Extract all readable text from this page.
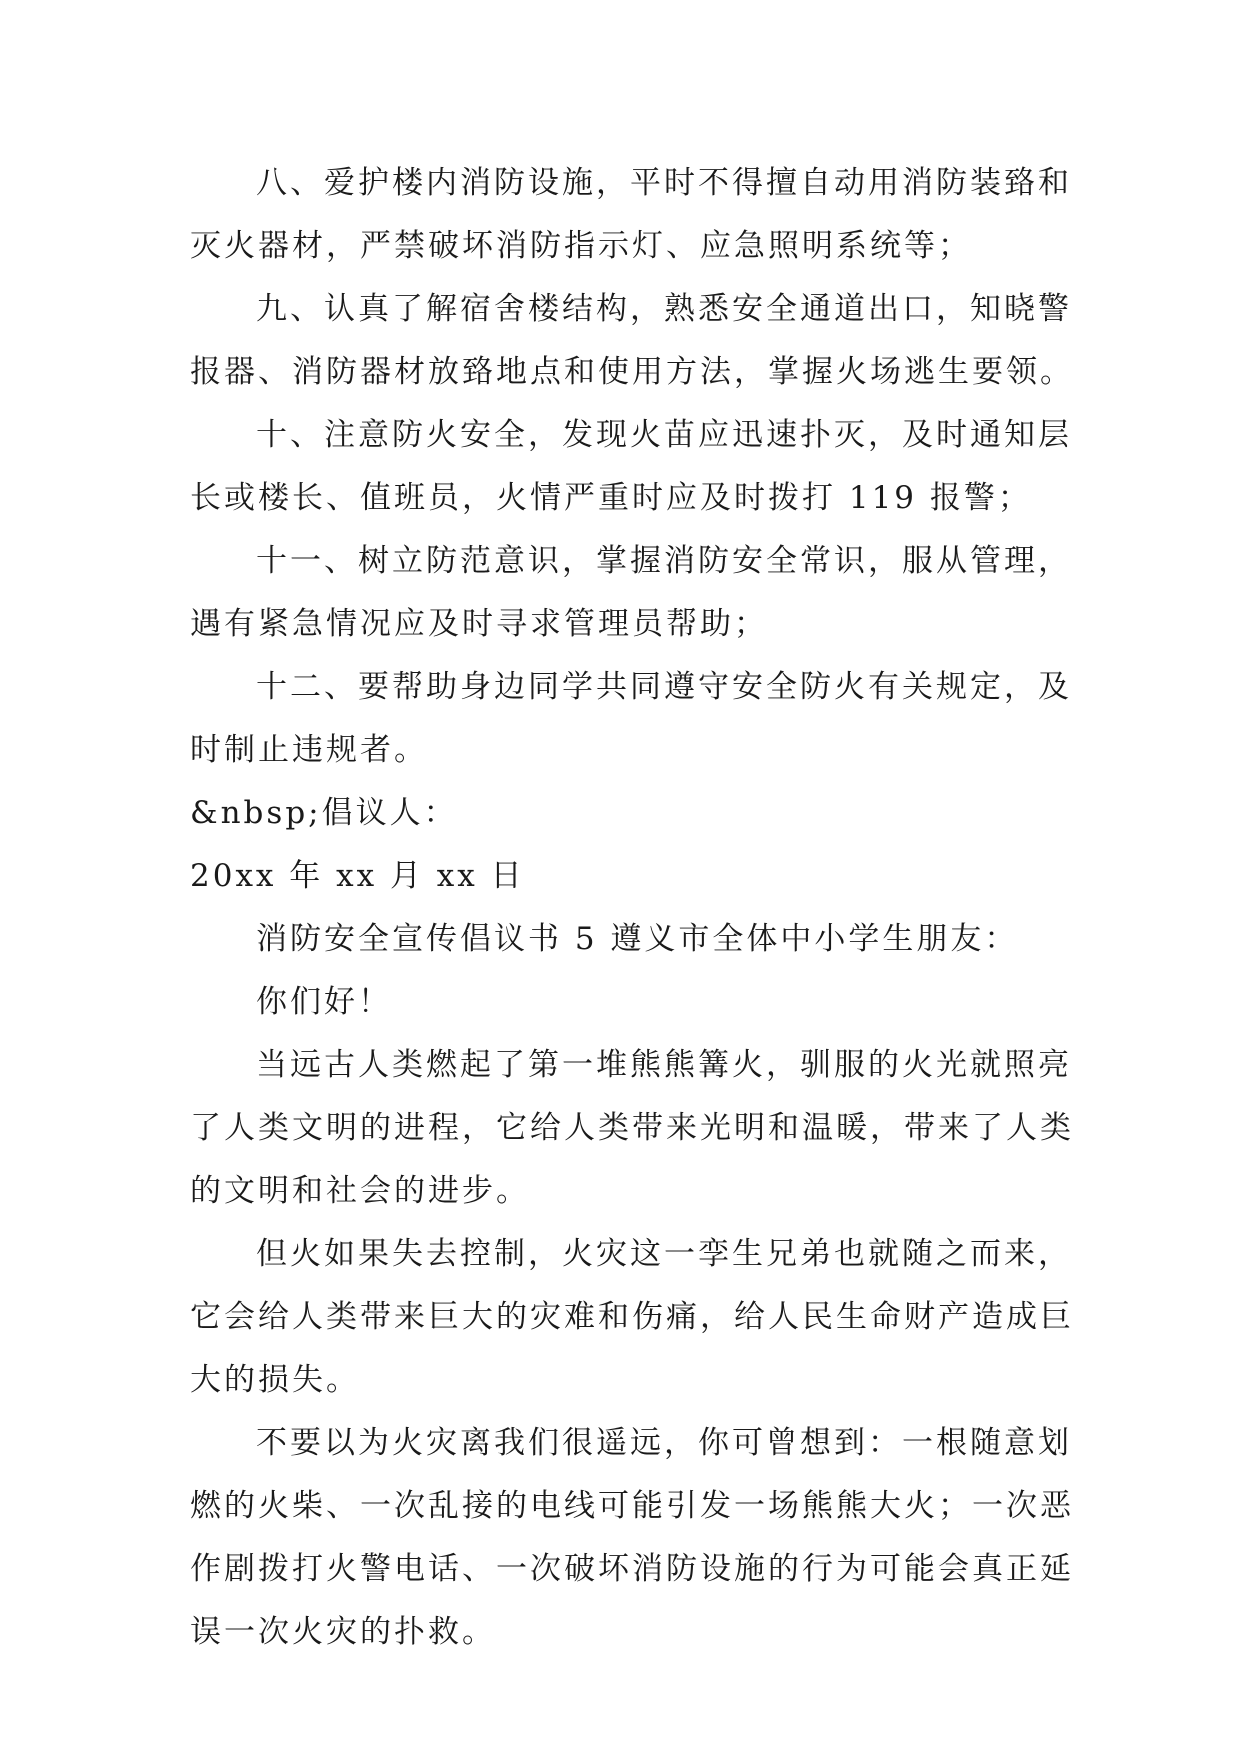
八、爱护楼内消防设施，平时不得擅自动用消防装臵和
灭火器材，严禁破坏消防指示灯、应急照明系统等；
九、认真了解宿舍楼结构，熟悉安全通道出口，知晓警
报器、消防器材放臵地点和使用方法，掌握火场逃生要领。
十、注意防火安全，发现火苗应迅速扑灭，及时通知层
长或楼长、值班员，火情严重时应及时拨打 119 报警；
十一、树立防范意识，掌握消防安全常识，服从管理，
遇有紧急情况应及时寻求管理员帮助；
十二、要帮助身边同学共同遵守安全防火有关规定，及
时制止违规者。
&nbsp;倡议人：
20xx 年 xx 月 xx 日
消防安全宣传倡议书 5 遵义市全体中小学生朋友：
你们好！
当远古人类燃起了第一堆熊熊篝火，驯服的火光就照亮
了人类文明的进程，它给人类带来光明和温暖，带来了人类
的文明和社会的进步。
但火如果失去控制，火灾这一孪生兄弟也就随之而来，
它会给人类带来巨大的灾难和伤痛，给人民生命财产造成巨
大的损失。
不要以为火灾离我们很遥远，你可曾想到：一根随意划
燃的火柴、一次乱接的电线可能引发一场熊熊大火；一次恶
作剧拨打火警电话、一次破坏消防设施的行为可能会真正延
误一次火灾的扑救。
